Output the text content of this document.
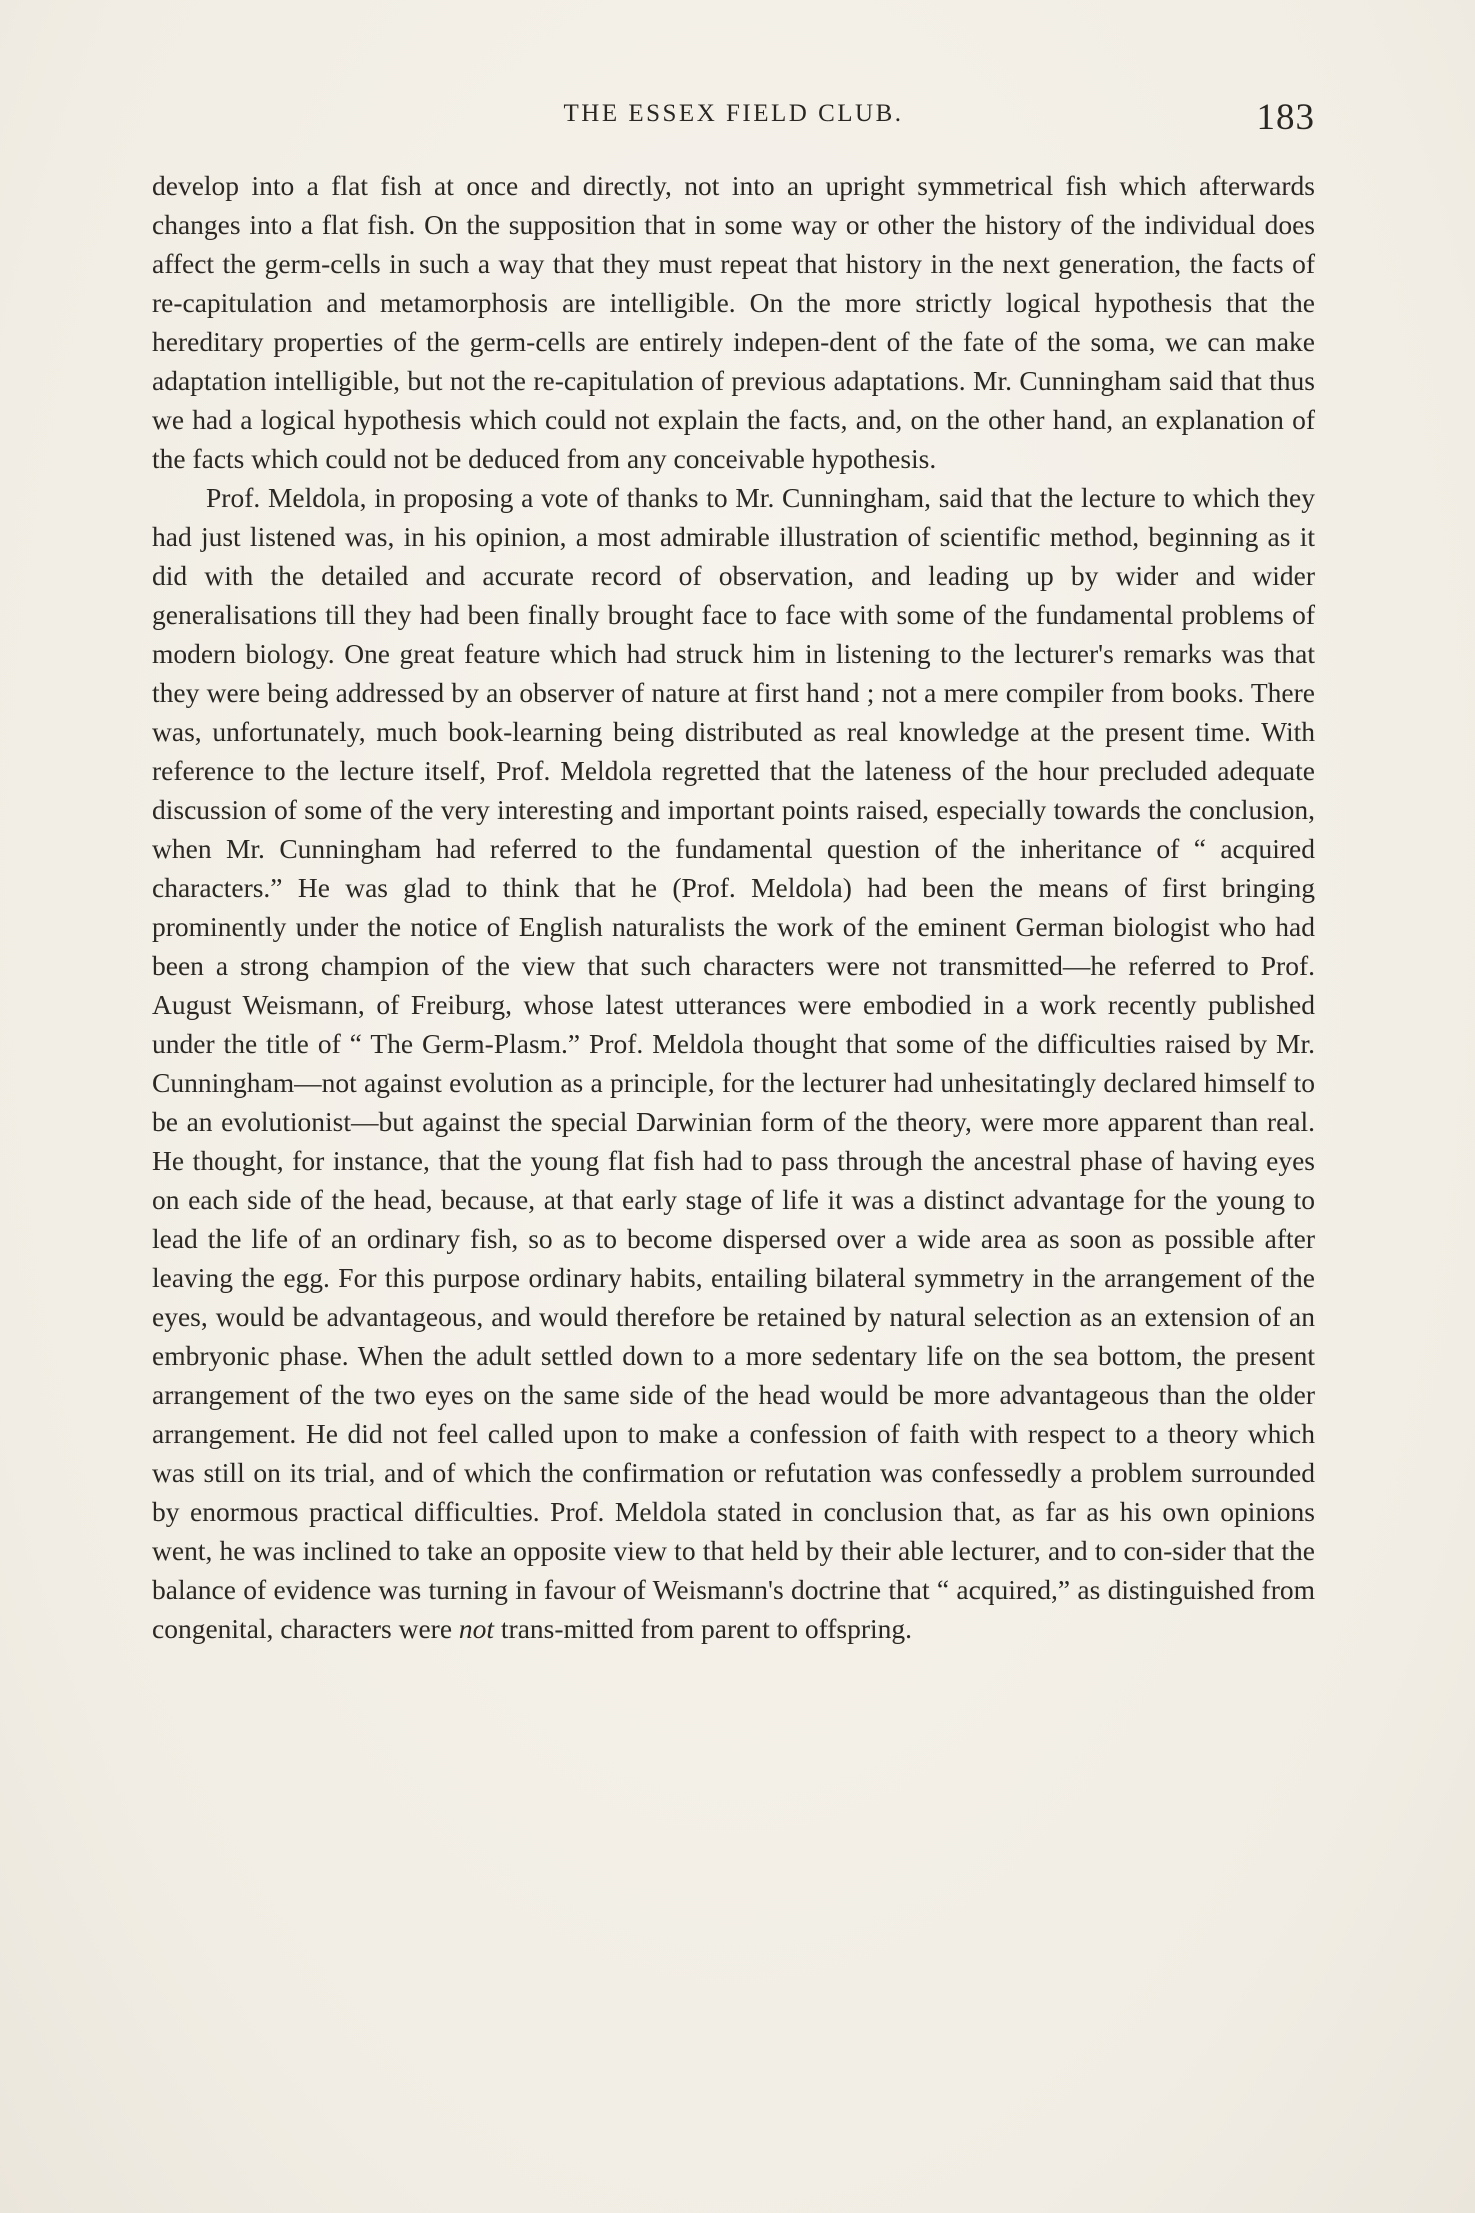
THE ESSEX FIELD CLUB.	183

develop into a flat fish at once and directly, not into an upright symmetrical fish which afterwards changes into a flat fish. On the supposition that in some way or other the history of the individual does affect the germ-cells in such a way that they must repeat that history in the next generation, the facts of re-capitulation and metamorphosis are intelligible. On the more strictly logical hypothesis that the hereditary properties of the germ-cells are entirely indepen-dent of the fate of the soma, we can make adaptation intelligible, but not the re-capitulation of previous adaptations. Mr. Cunningham said that thus we had a logical hypothesis which could not explain the facts, and, on the other hand, an explanation of the facts which could not be deduced from any conceivable hypothesis.

Prof. Meldola, in proposing a vote of thanks to Mr. Cunningham, said that the lecture to which they had just listened was, in his opinion, a most admirable illustration of scientific method, beginning as it did with the detailed and accurate record of observation, and leading up by wider and wider generalisations till they had been finally brought face to face with some of the fundamental problems of modern biology. One great feature which had struck him in listening to the lecturer's remarks was that they were being addressed by an observer of nature at first hand ; not a mere compiler from books. There was, unfortunately, much book-learning being distributed as real knowledge at the present time. With reference to the lecture itself, Prof. Meldola regretted that the lateness of the hour precluded adequate discussion of some of the very interesting and important points raised, especially towards the conclusion, when Mr. Cunningham had referred to the fundamental question of the inheritance of “ acquired characters.” He was glad to think that he (Prof. Meldola) had been the means of first bringing prominently under the notice of English naturalists the work of the eminent German biologist who had been a strong champion of the view that such characters were not transmitted—he referred to Prof. August Weismann, of Freiburg, whose latest utterances were embodied in a work recently published under the title of “ The Germ-Plasm.” Prof. Meldola thought that some of the difficulties raised by Mr. Cunningham—not against evolution as a principle, for the lecturer had unhesitatingly declared himself to be an evolutionist—but against the special Darwinian form of the theory, were more apparent than real. He thought, for instance, that the young flat fish had to pass through the ancestral phase of having eyes on each side of the head, because, at that early stage of life it was a distinct advantage for the young to lead the life of an ordinary fish, so as to become dispersed over a wide area as soon as possible after leaving the egg. For this purpose ordinary habits, entailing bilateral symmetry in the arrangement of the eyes, would be advantageous, and would therefore be retained by natural selection as an extension of an embryonic phase. When the adult settled down to a more sedentary life on the sea bottom, the present arrangement of the two eyes on the same side of the head would be more advantageous than the older arrangement. He did not feel called upon to make a confession of faith with respect to a theory which was still on its trial, and of which the confirmation or refutation was confessedly a problem surrounded by enormous practical difficulties. Prof. Meldola stated in conclusion that, as far as his own opinions went, he was inclined to take an opposite view to that held by their able lecturer, and to con-sider that the balance of evidence was turning in favour of Weismann's doctrine that “ acquired,” as distinguished from congenital, characters were not trans-mitted from parent to offspring.
